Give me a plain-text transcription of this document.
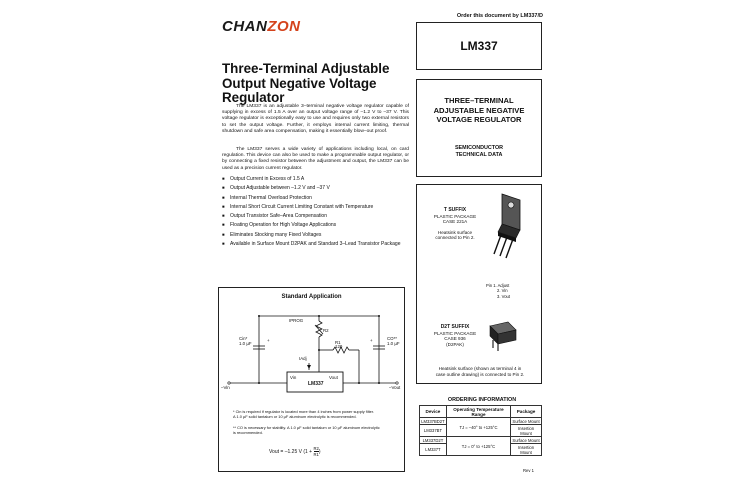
CHANZON
Order this document by LM337/D
LM337
Three-Terminal Adjustable
Output Negative Voltage
Regulator

The LM337 is an adjustable 3–terminal negative voltage regulator capable of supplying in excess of 1.5 A over an output voltage range of –1.2 V to –37 V. This voltage regulator is exceptionally easy to use and requires only two external resistors to set the output voltage. Further, it employs internal current limiting, thermal shutdown and safe area compensation, making it essentially blow–out proof.

The LM337 serves a wide variety of applications including local, on card regulation. This device can also be used to make a programmable output regulator, or by connecting a fixed resistor between the adjustment and output, the LM337 can be used as a precision current regulator.

■ Output Current in Excess of 1.5 A
■ Output Adjustable between –1.2 V and –37 V
■ Internal Thermal Overload Protection
■ Internal Short Circuit Current Limiting Constant with Temperature
■ Output Transistor Safe–Area Compensation
■ Floating Operation for High Voltage Applications
■ Eliminates Stocking many Fixed Voltages
■ Available in Surface Mount D2PAK and Standard 3–Lead Transistor Package
THREE–TERMINAL
ADJUSTABLE NEGATIVE
VOLTAGE REGULATOR
SEMICONDUCTOR
TECHNICAL DATA
T SUFFIX
PLASTIC PACKAGE
CASE 221A
Heatsink surface
connected to Pin 2.
Pin 1. Adjust
2. Vin
3. Vout
D2T SUFFIX
PLASTIC PACKAGE
CASE 936
(D2PAK)
Heatsink surface (shown as terminal 4 in
case outline drawing) is connected to Pin 2.
Standard Application
IPROG
R2
R1
120
Cin*
1.0 µF
+	CO**
1.0 µF
+
IAdj
Vin	Vout
–Vin	–Vout
LM337
* Cin is required if regulator is located more than 4 inches from power supply filter.
A 1.0 µF solid tantalum or 10 µF aluminum electrolytic is recommended.
** CO is necessary for stability. A 1.0 µF solid tantalum or 10 µF aluminum electrolytic
is recommended.
Vout = –1.25 V ($1 + \frac{R2}{R1}$ )
ORDERING INFORMATION
Device	Operating Temperature Range	Package
LM337BD2T	TJ = –40° to +125°C	Surface Mount
LM337BT		Insertion Mount
LM337D2T	TJ = 0° to +125°C	Surface Mount
LM337T		Insertion Mount
Rev 1
